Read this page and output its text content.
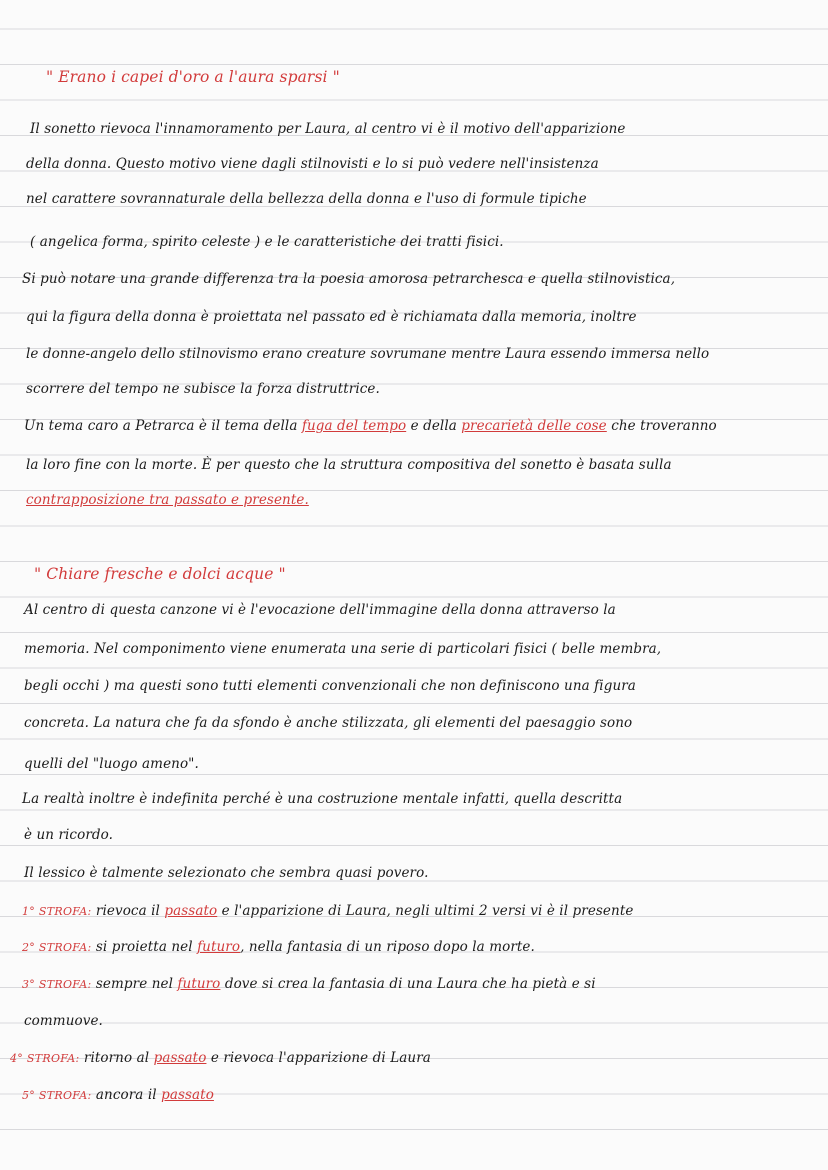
" Erano i capei d'oro a l'aura sparsi "
Il sonetto rievoca l'innamoramento per Laura, al centro vi è il motivo dell'apparizione
della donna. Questo motivo viene dagli stilnovisti e lo si può vedere nell'insistenza
nel carattere sovrannaturale della bellezza della donna e l'uso di formule tipiche
( angelica forma, spirito celeste ) e le caratteristiche dei tratti fisici.
Si può notare una grande differenza tra la poesia amorosa petrarchesca e quella stilnovistica,
qui la figura della donna è proiettata nel passato ed è richiamata dalla memoria, inoltre
le donne-angelo dello stilnovismo erano creature sovrumane mentre Laura essendo immersa nello
scorrere del tempo ne subisce la forza distruttrice.
Un tema caro a Petrarca è il tema della fuga del tempo e della precarietà delle cose che troveranno
la loro fine con la morte. È per questo che la struttura compositiva del sonetto è basata sulla
contrapposizione tra passato e presente.
" Chiare fresche e dolci acque "
Al centro di questa canzone vi è l'evocazione dell'immagine della donna attraverso la
memoria. Nel componimento viene enumerata una serie di particolari fisici ( belle membra,
begli occhi ) ma questi sono tutti elementi convenzionali che non definiscono una figura
concreta. La natura che fa da sfondo è anche stilizzata, gli elementi del paesaggio sono
quelli del "luogo ameno".
La realtà inoltre è indefinita perché è una costruzione mentale infatti, quella descritta
è un ricordo.
Il lessico è talmente selezionato che sembra quasi povero.
1° STROFA: rievoca il passato e l'apparizione di Laura, negli ultimi 2 versi vi è il presente
2° STROFA: si proietta nel futuro, nella fantasia di un riposo dopo la morte.
3° STROFA: sempre nel futuro dove si crea la fantasia di una Laura che ha pietà e si
commuove.
4° STROFA: ritorno al passato e rievoca l'apparizione di Laura
5° STROFA: ancora il passato
